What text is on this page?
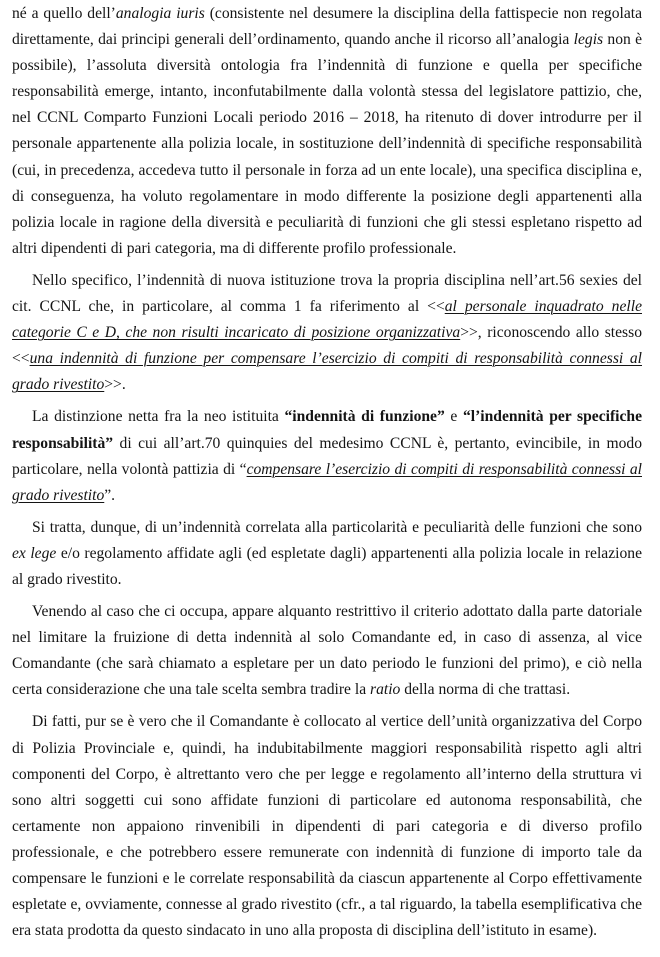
né a quello dell’analogia iuris (consistente nel desumere la disciplina della fattispecie non regolata direttamente, dai principi generali dell’ordinamento, quando anche il ricorso all’analogia legis non è possibile), l’assoluta diversità ontologia fra l’indennità di funzione e quella per specifiche responsabilità emerge, intanto, inconfutabilmente dalla volontà stessa del legislatore pattizio, che, nel CCNL Comparto Funzioni Locali periodo 2016 – 2018, ha ritenuto di dover introdurre per il personale appartenente alla polizia locale, in sostituzione dell’indennità di specifiche responsabilità (cui, in precedenza, accedeva tutto il personale in forza ad un ente locale), una specifica disciplina e, di conseguenza, ha voluto regolamentare in modo differente la posizione degli appartenenti alla polizia locale in ragione della diversità e peculiarità di funzioni che gli stessi espletano rispetto ad altri dipendenti di pari categoria, ma di differente profilo professionale.

Nello specifico, l’indennità di nuova istituzione trova la propria disciplina nell’art.56 sexies del cit. CCNL che, in particolare, al comma 1 fa riferimento al <<al personale inquadrato nelle categorie C e D, che non risulti incaricato di posizione organizzativa>>, riconoscendo allo stesso <<una indennità di funzione per compensare l’esercizio di compiti di responsabilità connessi al grado rivestito>>.

La distinzione netta fra la neo istituita “indennità di funzione” e “l’indennità per specifiche responsabilità” di cui all’art.70 quinquies del medesimo CCNL è, pertanto, evincibile, in modo particolare, nella volontà pattizia di “compensare l’esercizio di compiti di responsabilità connessi al grado rivestito”.

Si tratta, dunque, di un’indennità correlata alla particolarità e peculiarità delle funzioni che sono ex lege e/o regolamento affidate agli (ed espletate dagli) appartenenti alla polizia locale in relazione al grado rivestito.

Venendo al caso che ci occupa, appare alquanto restrittivo il criterio adottato dalla parte datoriale nel limitare la fruizione di detta indennità al solo Comandante ed, in caso di assenza, al vice Comandante (che sarà chiamato a espletare per un dato periodo le funzioni del primo), e ciò nella certa considerazione che una tale scelta sembra tradire la ratio della norma di che trattasi.

Di fatti, pur se è vero che il Comandante è collocato al vertice dell’unità organizzativa del Corpo di Polizia Provinciale e, quindi, ha indubitabilmente maggiori responsabilità rispetto agli altri componenti del Corpo, è altrettanto vero che per legge e regolamento all’interno della struttura vi sono altri soggetti cui sono affidate funzioni di particolare ed autonoma responsabilità, che certamente non appaiono rinvenibili in dipendenti di pari categoria e di diverso profilo professionale, e che potrebbero essere remunerate con indennità di funzione di importo tale da compensare le funzioni e le correlate responsabilità da ciascun appartenente al Corpo effettivamente espletate e, ovviamente, connesse al grado rivestito (cfr., a tal riguardo, la tabella esemplificativa che era stata prodotta da questo sindacato in uno alla proposta di disciplina dell’istituto in esame).
